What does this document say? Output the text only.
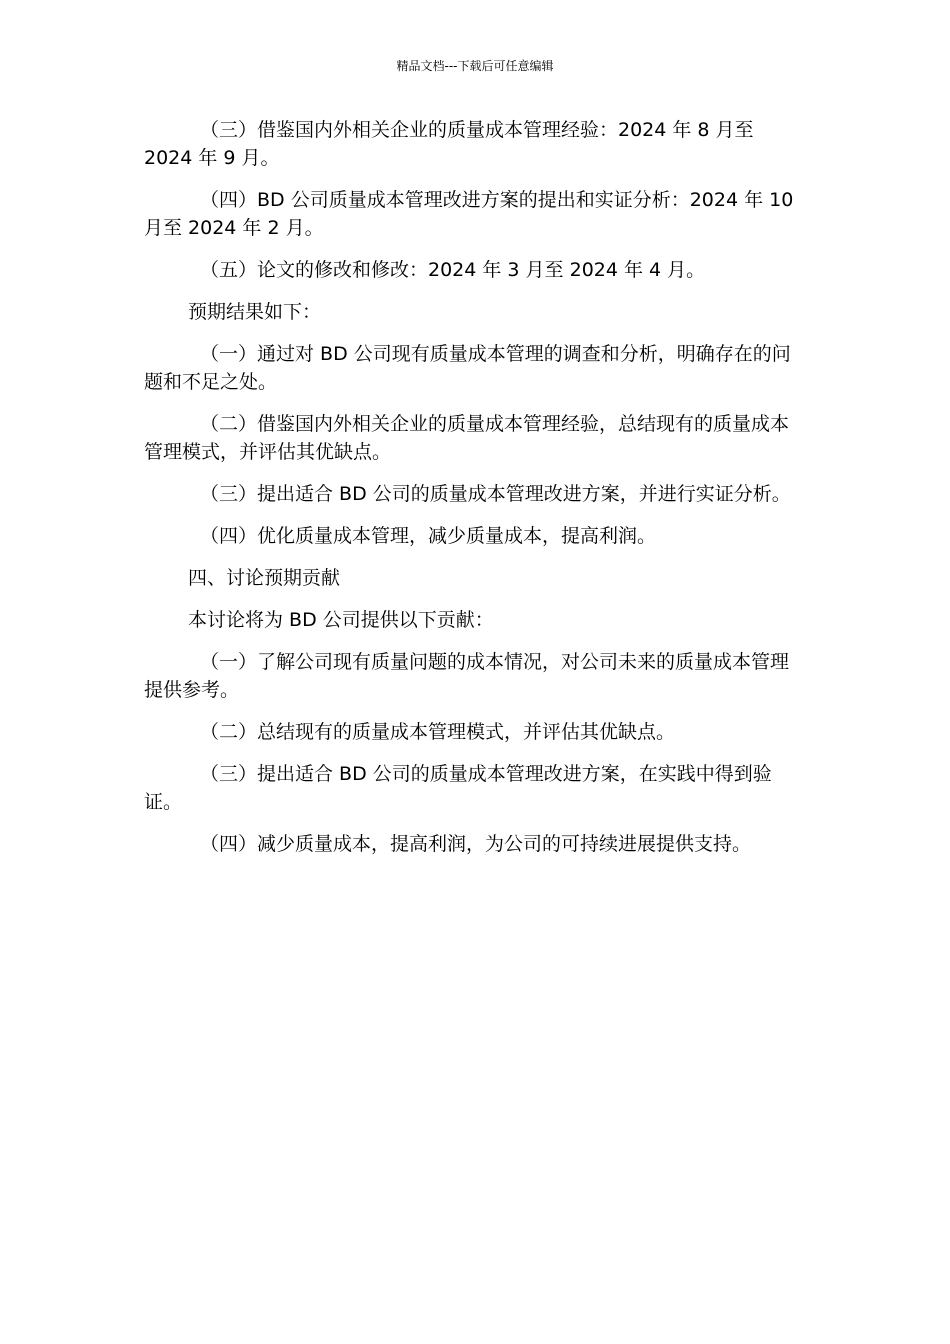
精品文档---下载后可任意编辑

（三）借鉴国内外相关企业的质量成本管理经验：2024 年 8 月至 2024 年 9 月。

（四）BD 公司质量成本管理改进方案的提出和实证分析：2024 年 10 月至 2024 年 2 月。

（五）论文的修改和修改：2024 年 3 月至 2024 年 4 月。

预期结果如下：

（一）通过对 BD 公司现有质量成本管理的调查和分析，明确存在的问题和不足之处。

（二）借鉴国内外相关企业的质量成本管理经验，总结现有的质量成本管理模式，并评估其优缺点。

（三）提出适合 BD 公司的质量成本管理改进方案，并进行实证分析。

（四）优化质量成本管理，减少质量成本，提高利润。

四、讨论预期贡献

本讨论将为 BD 公司提供以下贡献：

（一）了解公司现有质量问题的成本情况，对公司未来的质量成本管理提供参考。

（二）总结现有的质量成本管理模式，并评估其优缺点。

（三）提出适合 BD 公司的质量成本管理改进方案，在实践中得到验证。

（四）减少质量成本，提高利润，为公司的可持续进展提供支持。
